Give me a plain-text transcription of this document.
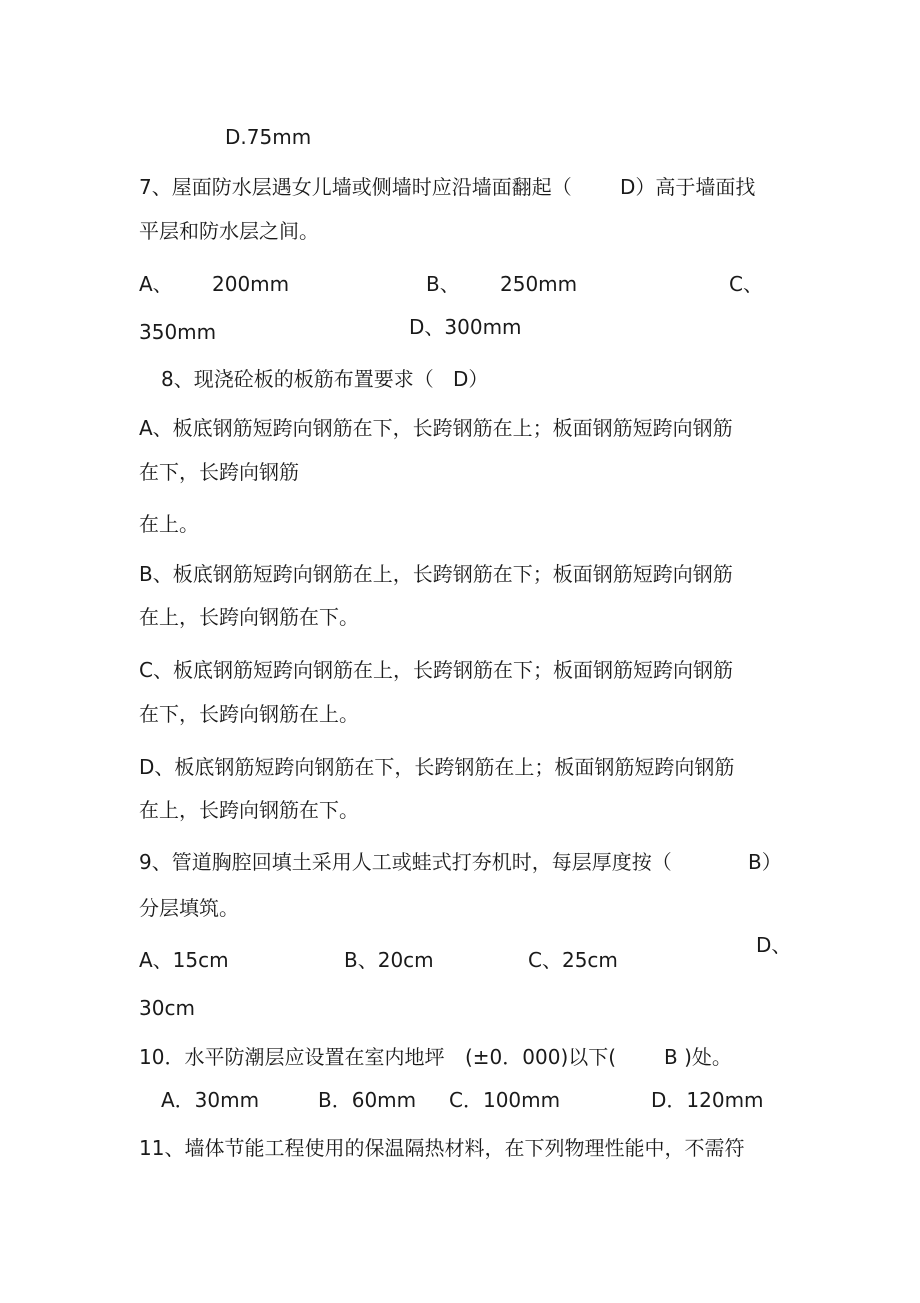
D.75mm
7、屋面防水层遇女儿墙或侧墙时应沿墙面翻起（ D）高于墙面找
平层和防水层之间。
A、 200mm	B、 250mm	C、
350mm	D、300mm
8、现浇砼板的板筋布置要求（ D）
A、板底钢筋短跨向钢筋在下，长跨钢筋在上；板面钢筋短跨向钢筋
在下，长跨向钢筋
在上。
B、板底钢筋短跨向钢筋在上，长跨钢筋在下；板面钢筋短跨向钢筋
在上，长跨向钢筋在下。
C、板底钢筋短跨向钢筋在上，长跨钢筋在下；板面钢筋短跨向钢筋
在下，长跨向钢筋在上。
D、板底钢筋短跨向钢筋在下，长跨钢筋在上；板面钢筋短跨向钢筋
在上，长跨向钢筋在下。
9、管道胸腔回填土采用人工或蛙式打夯机时，每层厚度按（	B）
分层填筑。
A、15cm	B、20cm	C、25cm
D、
30cm
10．水平防潮层应设置在室内地坪 (±0．000)以下( B )处。
A．30mm	B．60mm C．100mm	D．120mm
11、墙体节能工程使用的保温隔热材料，在下列物理性能中，不需符
